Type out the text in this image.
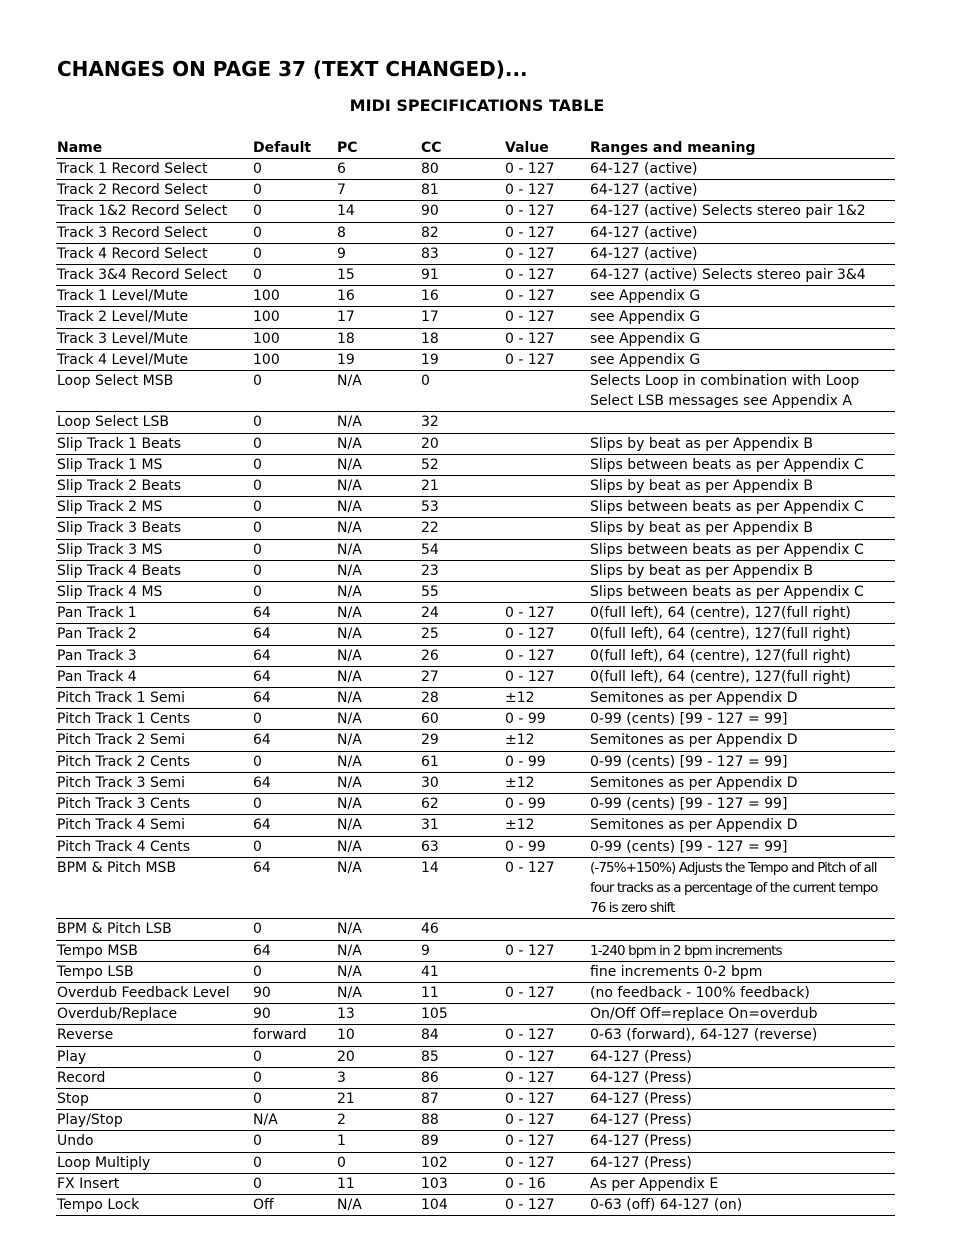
CHANGES ON PAGE 37 (TEXT CHANGED)...
MIDI SPECIFICATIONS TABLE
Name	Default	PC	CC	Value	Ranges and meaning
Track 1 Record Select	0	6	80	0 - 127	64-127 (active)
Track 2 Record Select	0	7	81	0 - 127	64-127 (active)
Track 1&2 Record Select	0	14	90	0 - 127	64-127 (active) Selects stereo pair 1&2
Track 3 Record Select	0	8	82	0 - 127	64-127 (active)
Track 4 Record Select	0	9	83	0 - 127	64-127 (active)
Track 3&4 Record Select	0	15	91	0 - 127	64-127 (active) Selects stereo pair 3&4
Track 1 Level/Mute	100	16	16	0 - 127	see Appendix G
Track 2 Level/Mute	100	17	17	0 - 127	see Appendix G
Track 3 Level/Mute	100	18	18	0 - 127	see Appendix G
Track 4 Level/Mute	100	19	19	0 - 127	see Appendix G
Loop Select MSB	0	N/A	0		Selects Loop in combination with Loop Select LSB messages see Appendix A
Loop Select LSB	0	N/A	32		
Slip Track 1 Beats	0	N/A	20		Slips by beat as per Appendix B
Slip Track 1 MS	0	N/A	52		Slips between beats as per Appendix C
Slip Track 2 Beats	0	N/A	21		Slips by beat as per Appendix B
Slip Track 2 MS	0	N/A	53		Slips between beats as per Appendix C
Slip Track 3 Beats	0	N/A	22		Slips by beat as per Appendix B
Slip Track 3 MS	0	N/A	54		Slips between beats as per Appendix C
Slip Track 4 Beats	0	N/A	23		Slips by beat as per Appendix B
Slip Track 4 MS	0	N/A	55		Slips between beats as per Appendix C
Pan Track 1	64	N/A	24	0 - 127	0(full left), 64 (centre), 127(full right)
Pan Track 2	64	N/A	25	0 - 127	0(full left), 64 (centre), 127(full right)
Pan Track 3	64	N/A	26	0 - 127	0(full left), 64 (centre), 127(full right)
Pan Track 4	64	N/A	27	0 - 127	0(full left), 64 (centre), 127(full right)
Pitch Track 1 Semi	64	N/A	28	±12	Semitones as per Appendix D
Pitch Track 1 Cents	0	N/A	60	0 - 99	0-99 (cents) [99 - 127 = 99]
Pitch Track 2 Semi	64	N/A	29	±12	Semitones as per Appendix D
Pitch Track 2 Cents	0	N/A	61	0 - 99	0-99 (cents) [99 - 127 = 99]
Pitch Track 3 Semi	64	N/A	30	±12	Semitones as per Appendix D
Pitch Track 3 Cents	0	N/A	62	0 - 99	0-99 (cents) [99 - 127 = 99]
Pitch Track 4 Semi	64	N/A	31	±12	Semitones as per Appendix D
Pitch Track 4 Cents	0	N/A	63	0 - 99	0-99 (cents) [99 - 127 = 99]
BPM & Pitch MSB	64	N/A	14	0 - 127	(-75%+150%) Adjusts the Tempo and Pitch of all four tracks as a percentage of the current tempo 76 is zero shift
BPM & Pitch LSB	0	N/A	46		
Tempo MSB	64	N/A	9	0 - 127	1-240 bpm in 2 bpm increments
Tempo LSB	0	N/A	41		fine increments 0-2 bpm
Overdub Feedback Level	90	N/A	11	0 - 127	(no feedback - 100% feedback)
Overdub/Replace	90	13	105		On/Off Off=replace On=overdub
Reverse	forward	10	84	0 - 127	0-63 (forward), 64-127 (reverse)
Play	0	20	85	0 - 127	64-127 (Press)
Record	0	3	86	0 - 127	64-127 (Press)
Stop	0	21	87	0 - 127	64-127 (Press)
Play/Stop	N/A	2	88	0 - 127	64-127 (Press)
Undo	0	1	89	0 - 127	64-127 (Press)
Loop Multiply	0	0	102	0 - 127	64-127 (Press)
FX Insert	0	11	103	0 - 16	As per Appendix E
Tempo Lock	Off	N/A	104	0 - 127	0-63 (off) 64-127 (on)
